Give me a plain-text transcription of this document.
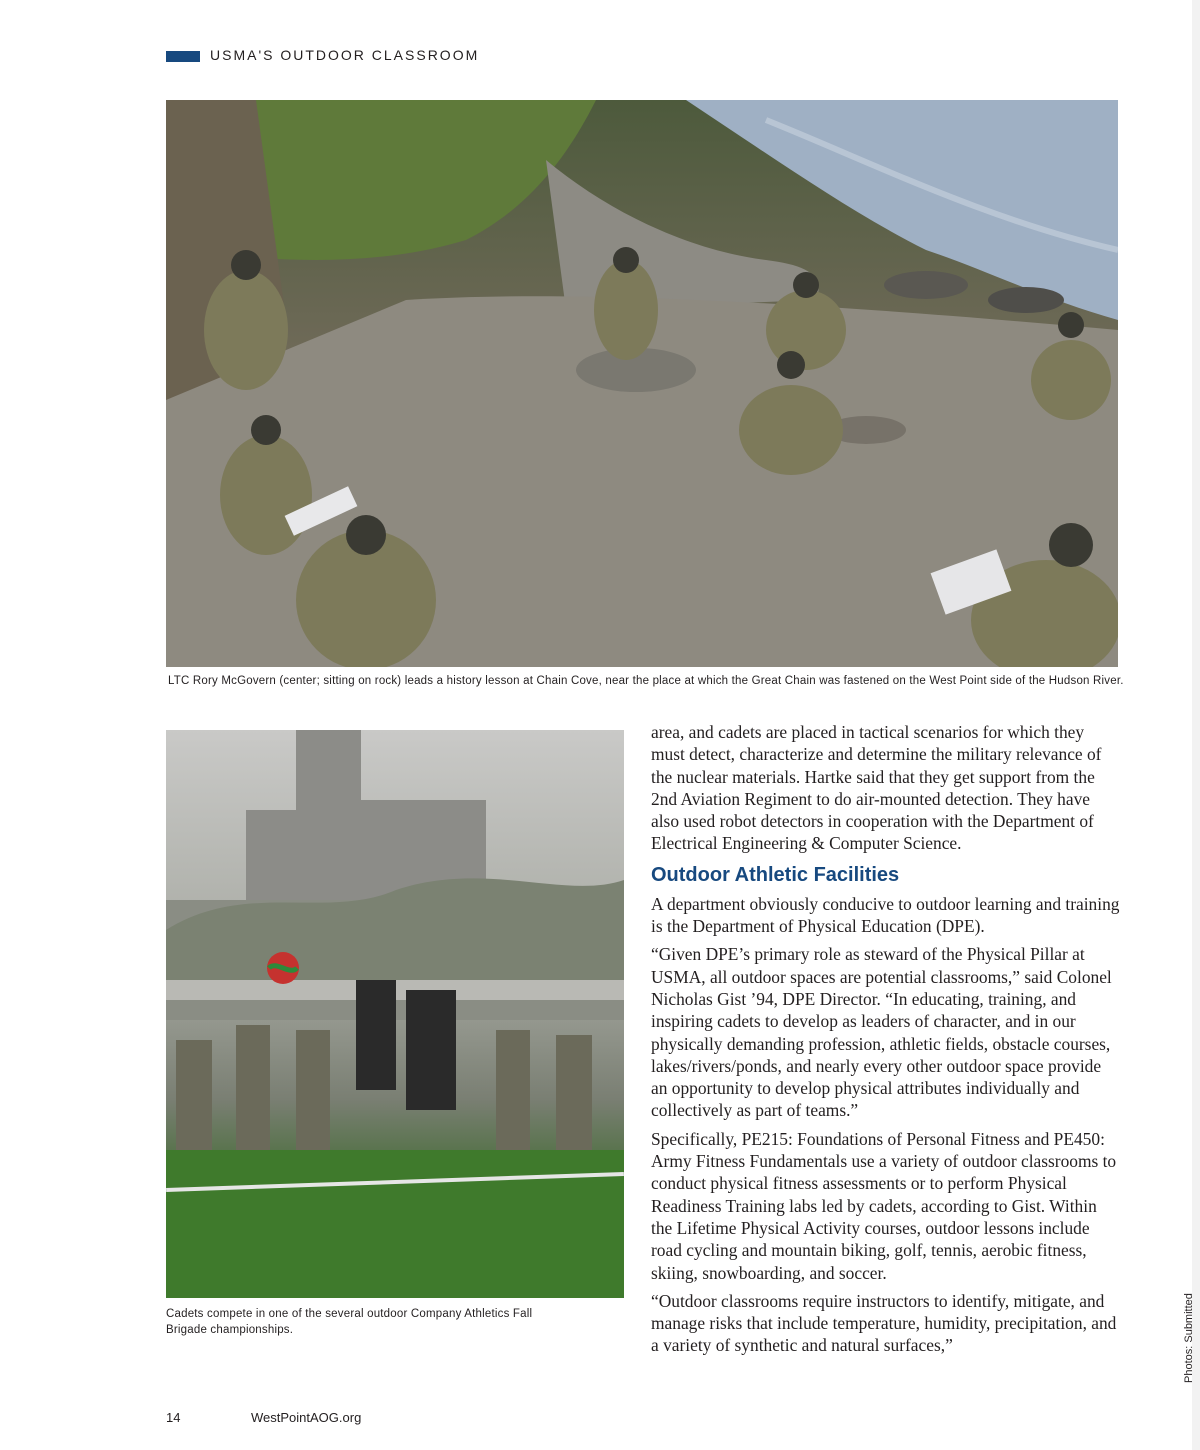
USMA'S OUTDOOR CLASSROOM
LTC Rory McGovern (center; sitting on rock) leads a history lesson at Chain Cove, near the place at which the Great Chain was fastened on the West Point side of the Hudson River.
Cadets compete in one of the several outdoor Company Athletics Fall Brigade championships.

area, and cadets are placed in tactical scenarios for which they must detect, characterize and determine the military relevance of the nuclear materials. Hartke said that they get support from the 2nd Aviation Regiment to do air-mounted detection. They have also used robot detectors in cooperation with the Department of Electrical Engineering & Computer Science.

Outdoor Athletic Facilities

A department obviously conducive to outdoor learning and training is the Department of Physical Education (DPE).

“Given DPE’s primary role as steward of the Physical Pillar at USMA, all outdoor spaces are potential classrooms,” said Colonel Nicholas Gist ’94, DPE Director. “In educating, training, and inspiring cadets to develop as leaders of character, and in our physically demanding profession, athletic fields, obstacle courses, lakes/rivers/ponds, and nearly every other outdoor space provide an opportunity to develop physical attributes individually and collectively as part of teams.”

Specifically, PE215: Foundations of Personal Fitness and PE450: Army Fitness Fundamentals use a variety of outdoor classrooms to conduct physical fitness assessments or to perform Physical Readiness Training labs led by cadets, according to Gist. Within the Lifetime Physical Activity courses, outdoor lessons include road cycling and mountain biking, golf, tennis, aerobic fitness, skiing, snowboarding, and soccer.

“Outdoor classrooms require instructors to identify, mitigate, and manage risks that include temperature, humidity, precipitation, and a variety of synthetic and natural surfaces,”	Photos: Submitted
14	WestPointAOG.org
